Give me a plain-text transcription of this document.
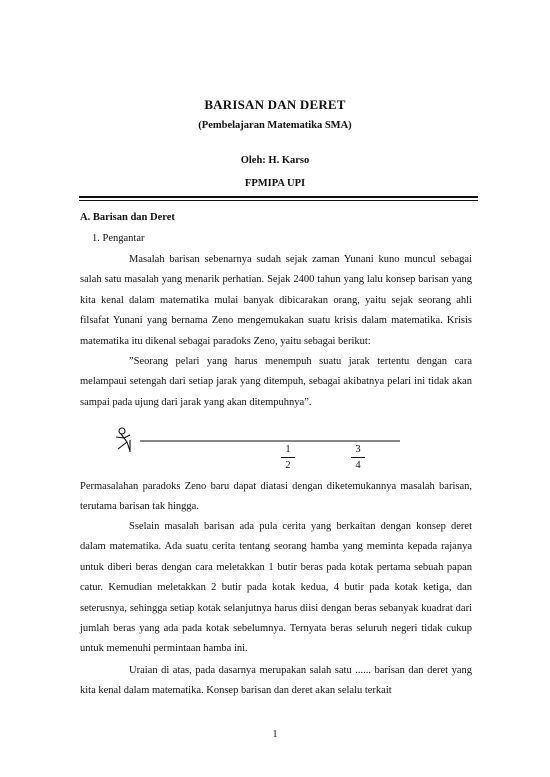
BARISAN DAN DERET
(Pembelajaran Matematika SMA)
Oleh: H. Karso
FPMIPA UPI
A. Barisan dan Deret
1. Pengantar

Masalah barisan sebenarnya sudah sejak zaman Yunani kuno muncul sebagai salah satu masalah yang menarik perhatian. Sejak 2400 tahun yang lalu konsep barisan yang kita kenal dalam matematika mulai banyak dibicarakan orang, yaitu sejak seorang ahli filsafat Yunani yang bernama Zeno mengemukakan suatu krisis dalam matematika. Krisis matematika itu dikenal sebagai paradoks Zeno, yaitu sebagai berikut:

”Seorang pelari yang harus menempuh suatu jarak tertentu dengan cara melampaui setengah dari setiap jarak yang ditempuh, sebagai akibatnya pelari ini tidak akan sampai pada ujung dari jarak yang akan ditempuhnya”.

$\frac{1}{2}$	$\frac{3}{4}$

Permasalahan paradoks Zeno baru dapat diatasi dengan diketemukannya masalah barisan, terutama barisan tak hingga.

Sselain masalah barisan ada pula cerita yang berkaitan dengan konsep deret dalam matematika. Ada suatu cerita tentang seorang hamba yang meminta kepada rajanya untuk diberi beras dengan cara meletakkan 1 butir beras pada kotak pertama sebuah papan catur. Kemudian meletakkan 2 butir pada kotak kedua, 4 butir pada kotak ketiga, dan seterusnya, sehingga setiap kotak selanjutnya harus diisi dengan beras sebanyak kuadrat dari jumlah beras yang ada pada kotak sebelumnya. Ternyata beras seluruh negeri tidak cukup untuk memenuhi permintaan hamba ini.

Uraian di atas, pada dasarnya merupakan salah satu ...... barisan dan deret yang kita kenal dalam matematika. Konsep barisan dan deret akan selalu terkait

1
